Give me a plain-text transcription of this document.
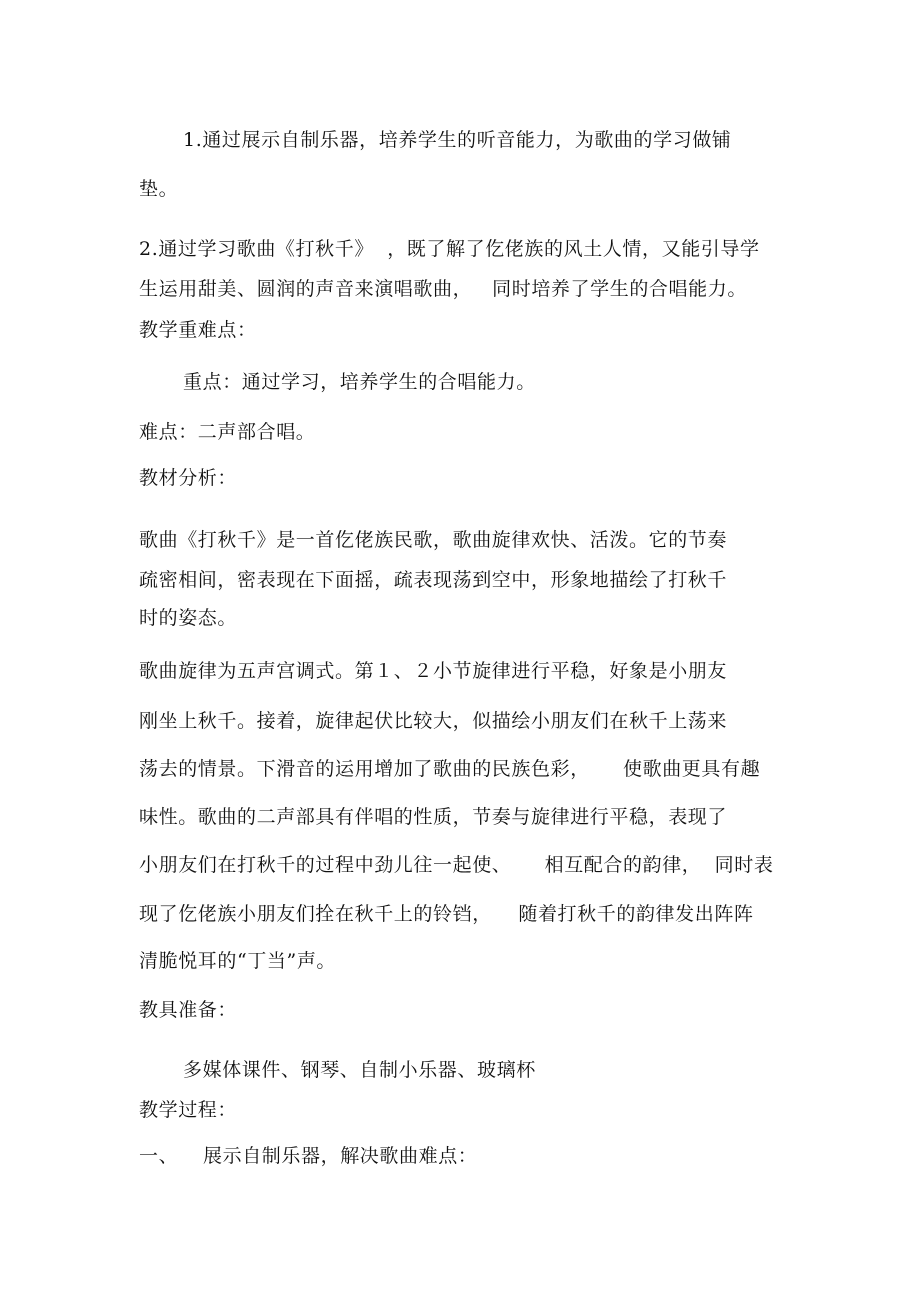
1.通过展示自制乐器，培养学生的听音能力，为歌曲的学习做铺

垫。

2.通过学习歌曲《打秋千》  ，既了解了仡佬族的风土人情，又能引导学

生运用甜美、圆润的声音来演唱歌曲，   同时培养了学生的合唱能力。

教学重难点：

重点：通过学习，培养学生的合唱能力。

难点：二声部合唱。

教材分析：

歌曲《打秋千》是一首仡佬族民歌，歌曲旋律欢快、活泼。它的节奏

疏密相间，密表现在下面摇，疏表现荡到空中，形象地描绘了打秋千

时的姿态。

歌曲旋律为五声宫调式。第１、２小节旋律进行平稳，好象是小朋友

刚坐上秋千。接着，旋律起伏比较大，似描绘小朋友们在秋千上荡来

荡去的情景。下滑音的运用增加了歌曲的民族色彩，     使歌曲更具有趣

味性。歌曲的二声部具有伴唱的性质，节奏与旋律进行平稳，表现了

小朋友们在打秋千的过程中劲儿往一起使、     相互配合的韵律，  同时表

现了仡佬族小朋友们拴在秋千上的铃铛，    随着打秋千的韵律发出阵阵

清脆悦耳的“丁当”声。

教具准备：

多媒体课件、钢琴、自制小乐器、玻璃杯

教学过程：

一、 展示自制乐器，解决歌曲难点：
